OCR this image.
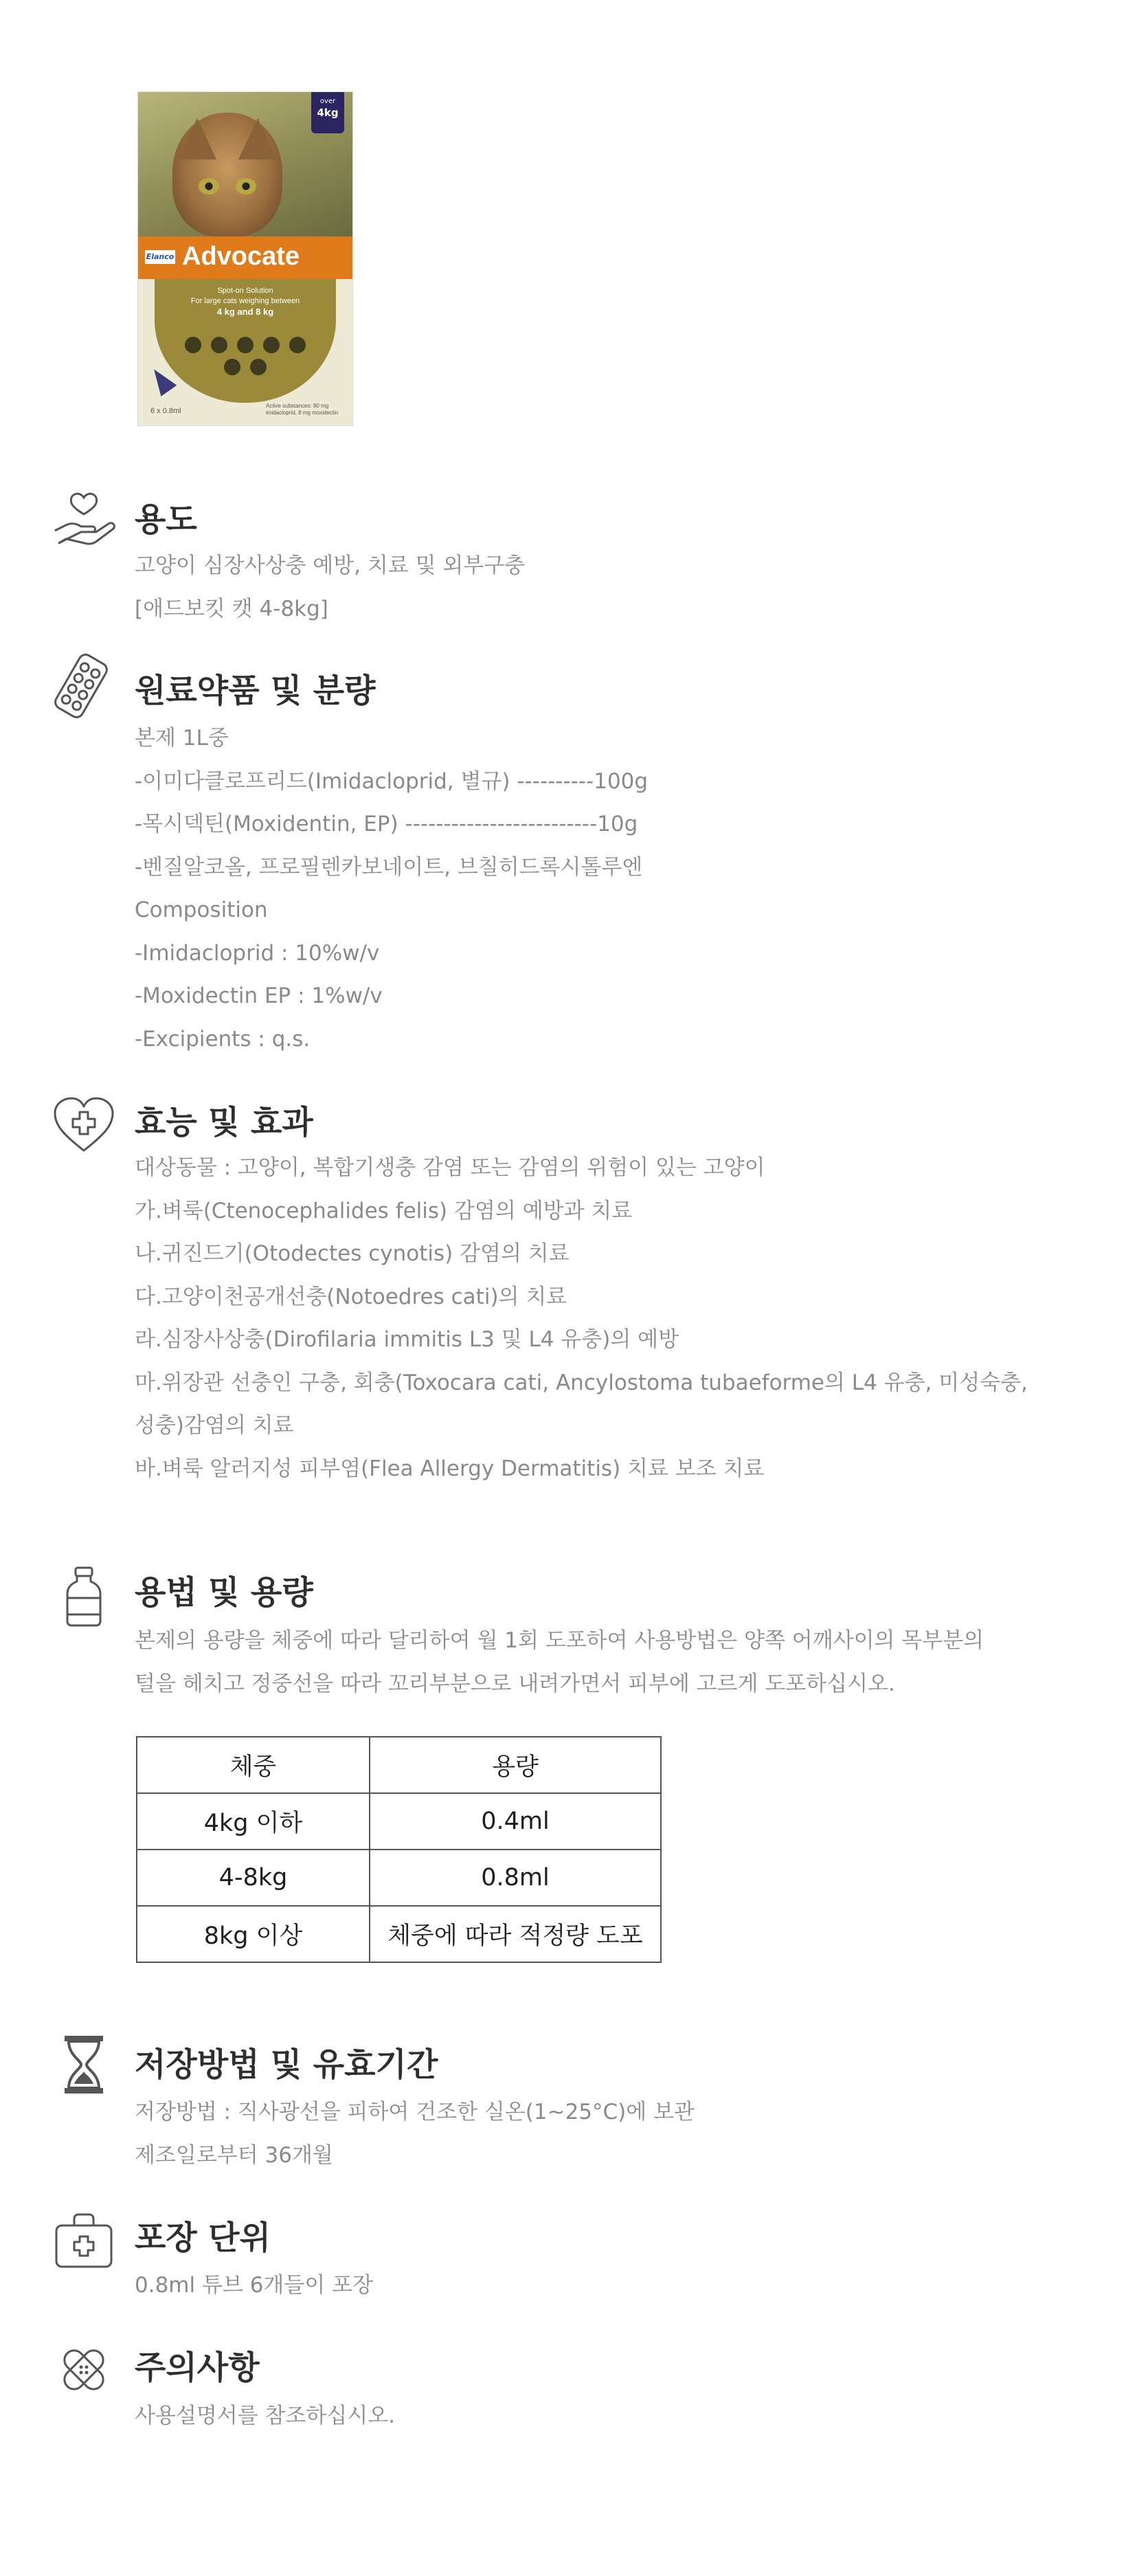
over
4kg
Elanco Advocate
Spot-on Solution
For large cats weighing between
4 kg and 8 kg
6 x 0.8ml
Active substances: 80 mg imidacloprid, 8 mg moxidectin
용도
고양이 심장사상충 예방, 치료 및 외부구충
[애드보킷 캣 4-8kg]
원료약품 및 분량
본제 1L중
-이미다클로프리드(Imidacloprid, 별규) ----------100g
-목시덱틴(Moxidentin, EP) -------------------------10g
-벤질알코올, 프로필렌카보네이트, 브칠히드록시톨루엔
Composition
-Imidacloprid : 10%w/v
-Moxidectin EP : 1%w/v
-Excipients : q.s.
효능 및 효과
대상동물 : 고양이, 복합기생충 감염 또는 감염의 위험이 있는 고양이
가.벼룩(Ctenocephalides felis) 감염의 예방과 치료
나.귀진드기(Otodectes cynotis) 감염의 치료
다.고양이천공개선충(Notoedres cati)의 치료
라.심장사상충(Dirofilaria immitis L3 및 L4 유충)의 예방
마.위장관 선충인 구충, 회충(Toxocara cati, Ancylostoma tubaeforme의 L4 유충, 미성숙충,
성충)감염의 치료
바.벼룩 알러지성 피부염(Flea Allergy Dermatitis) 치료 보조 치료
용법 및 용량
본제의 용량을 체중에 따라 달리하여 월 1회 도포하여 사용방법은 양쪽 어깨사이의 목부분의
털을 헤치고 정중선을 따라 꼬리부분으로 내려가면서 피부에 고르게 도포하십시오.
체중	용량
4kg 이하	0.4ml
4-8kg	0.8ml
8kg 이상	체중에 따라 적정량 도포
저장방법 및 유효기간
저장방법 : 직사광선을 피하여 건조한 실온(1~25°C)에 보관
제조일로부터 36개월
포장 단위
0.8ml 튜브 6개들이 포장
주의사항
사용설명서를 참조하십시오.
